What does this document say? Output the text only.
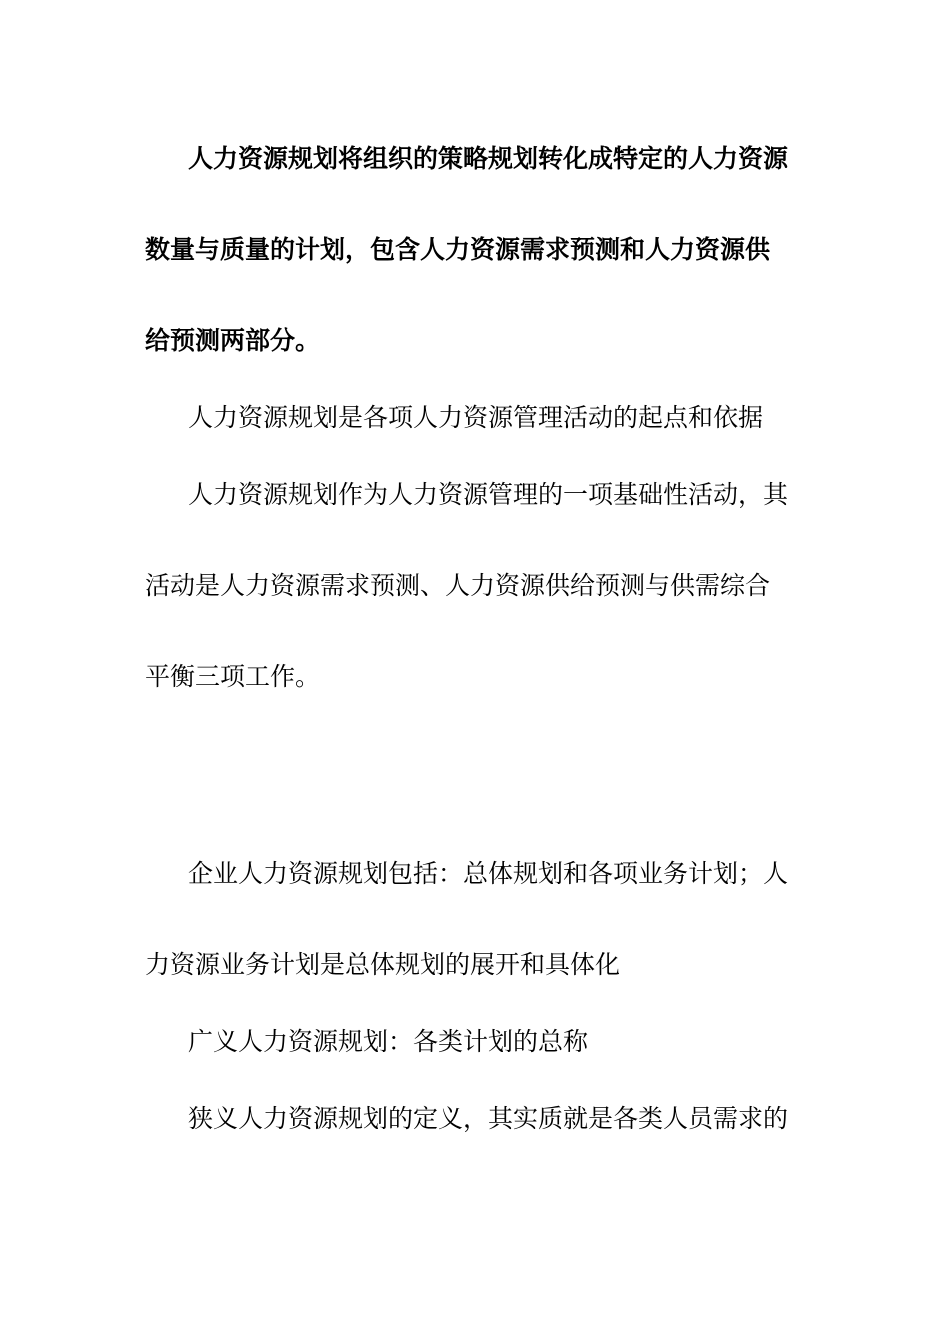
人力资源规划将组织的策略规划转化成特定的人力资源
数量与质量的计划，包含人力资源需求预测和人力资源供
给预测两部分。
人力资源规划是各项人力资源管理活动的起点和依据
人力资源规划作为人力资源管理的一项基础性活动，其
活动是人力资源需求预测、人力资源供给预测与供需综合
平衡三项工作。
企业人力资源规划包括：总体规划和各项业务计划；人
力资源业务计划是总体规划的展开和具体化
广义人力资源规划：各类计划的总称
狭义人力资源规划的定义，其实质就是各类人员需求的
